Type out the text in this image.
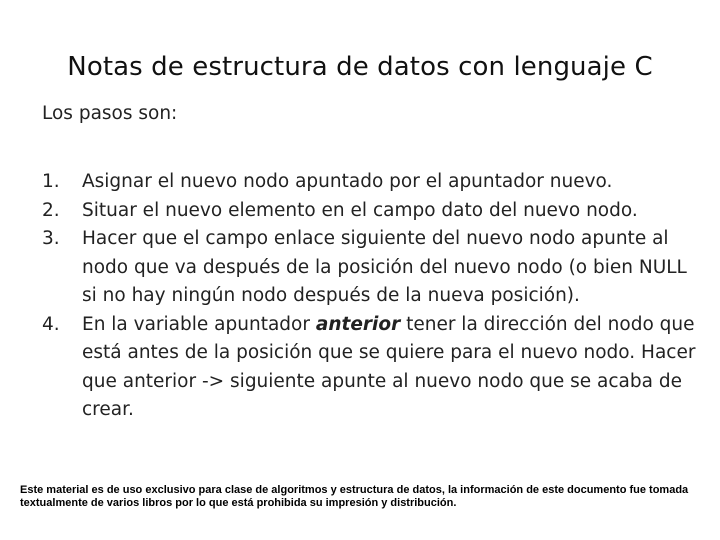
Notas de estructura de datos con lenguaje C

Los pasos son:

1. Asignar el nuevo nodo apuntado por el apuntador nuevo.
2. Situar el nuevo elemento en el campo dato del nuevo nodo.
3. Hacer que el campo enlace siguiente del nuevo nodo apunte al nodo que va después de la posición del nuevo nodo (o bien NULL si no hay ningún nodo después de la nueva posición).
4. En la variable apuntador anterior tener la dirección del nodo que está antes de la posición que se quiere para el nuevo nodo. Hacer que anterior -> siguiente apunte al nuevo nodo que se acaba de crear.

Este material es de uso exclusivo para clase de algoritmos y estructura de datos, la información de este documento fue tomada textualmente de varios libros por lo que está prohibida su impresión y distribución.
